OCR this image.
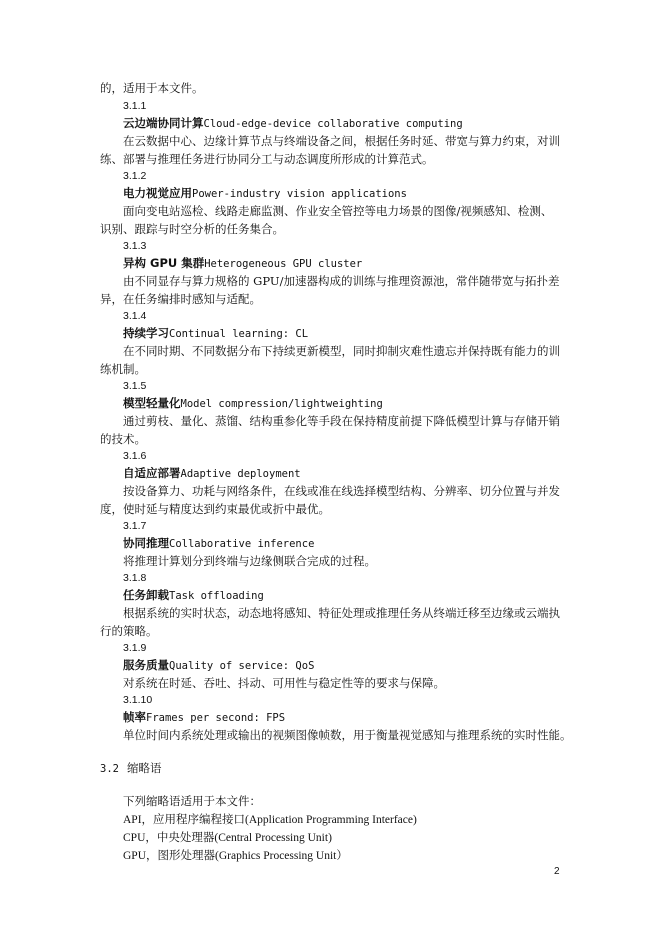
的，适用于本文件。
3.1.1
云边端协同计算Cloud-edge-device collaborative computing
在云数据中心、边缘计算节点与终端设备之间，根据任务时延、带宽与算力约束，对训
练、部署与推理任务进行协同分工与动态调度所形成的计算范式。
3.1.2
电力视觉应用Power-industry vision applications
面向变电站巡检、线路走廊监测、作业安全管控等电力场景的图像/视频感知、检测、
识别、跟踪与时空分析的任务集合。
3.1.3
异构 GPU 集群Heterogeneous GPU cluster
由不同显存与算力规格的 GPU/加速器构成的训练与推理资源池，常伴随带宽与拓扑差
异，在任务编排时感知与适配。
3.1.4
持续学习Continual learning: CL
在不同时期、不同数据分布下持续更新模型，同时抑制灾难性遗忘并保持既有能力的训
练机制。
3.1.5
模型轻量化Model compression/lightweighting
通过剪枝、量化、蒸馏、结构重参化等手段在保持精度前提下降低模型计算与存储开销
的技术。
3.1.6
自适应部署Adaptive deployment
按设备算力、功耗与网络条件，在线或准在线选择模型结构、分辨率、切分位置与并发
度，使时延与精度达到约束最优或折中最优。
3.1.7
协同推理Collaborative inference
将推理计算划分到终端与边缘侧联合完成的过程。
3.1.8
任务卸载Task offloading
根据系统的实时状态，动态地将感知、特征处理或推理任务从终端迁移至边缘或云端执
行的策略。
3.1.9
服务质量Quality of service: QoS
对系统在时延、吞吐、抖动、可用性与稳定性等的要求与保障。
3.1.10
帧率Frames per second: FPS
单位时间内系统处理或输出的视频图像帧数，用于衡量视觉感知与推理系统的实时性能。
3.2 缩略语
下列缩略语适用于本文件：
API，应用程序编程接口(Application Programming Interface)
CPU，中央处理器(Central Processing Unit)
GPU，图形处理器(Graphics Processing Unit）
2
